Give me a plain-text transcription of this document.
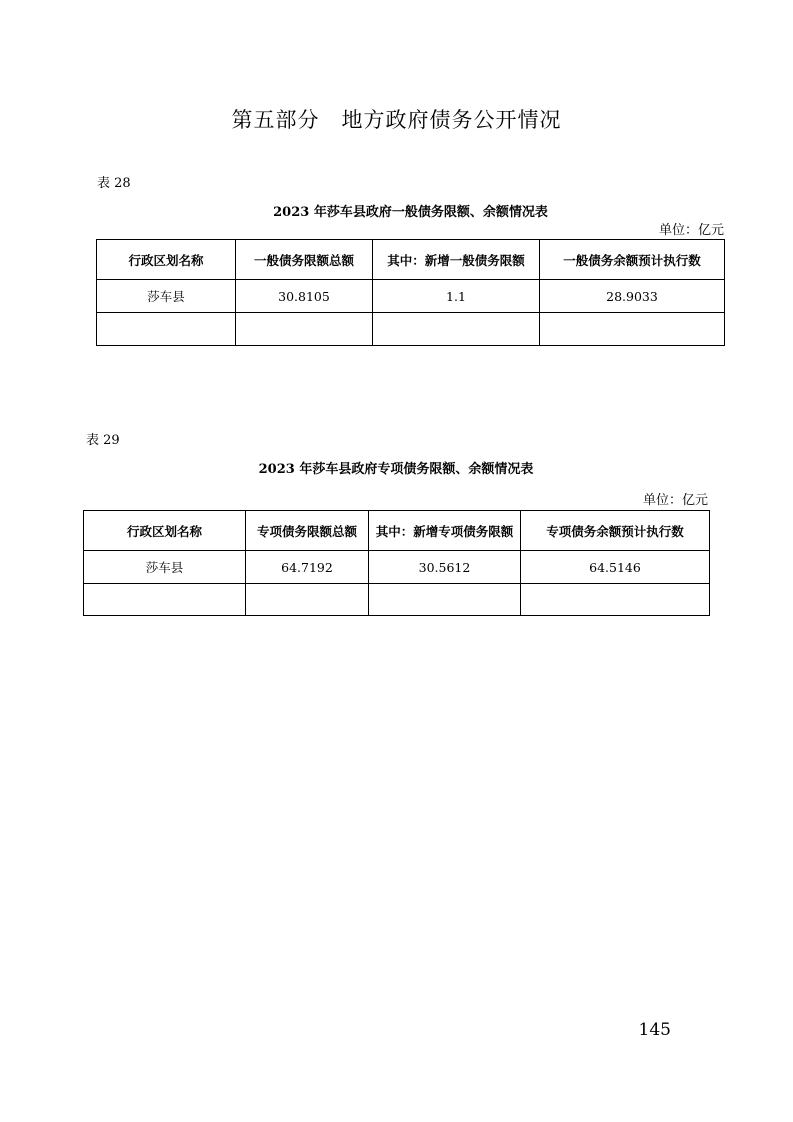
第五部分　地方政府债务公开情况
表 28
2023 年莎车县政府一般债务限额、余额情况表
单位：亿元
行政区划名称	一般债务限额总额	其中：新增一般债务限额	一般债务余额预计执行数
莎车县	30.8105	1.1	28.9033

表 29
2023 年莎车县政府专项债务限额、余额情况表
单位：亿元
行政区划名称	专项债务限额总额	其中：新增专项债务限额	专项债务余额预计执行数
莎车县	64.7192	30.5612	64.5146

145
